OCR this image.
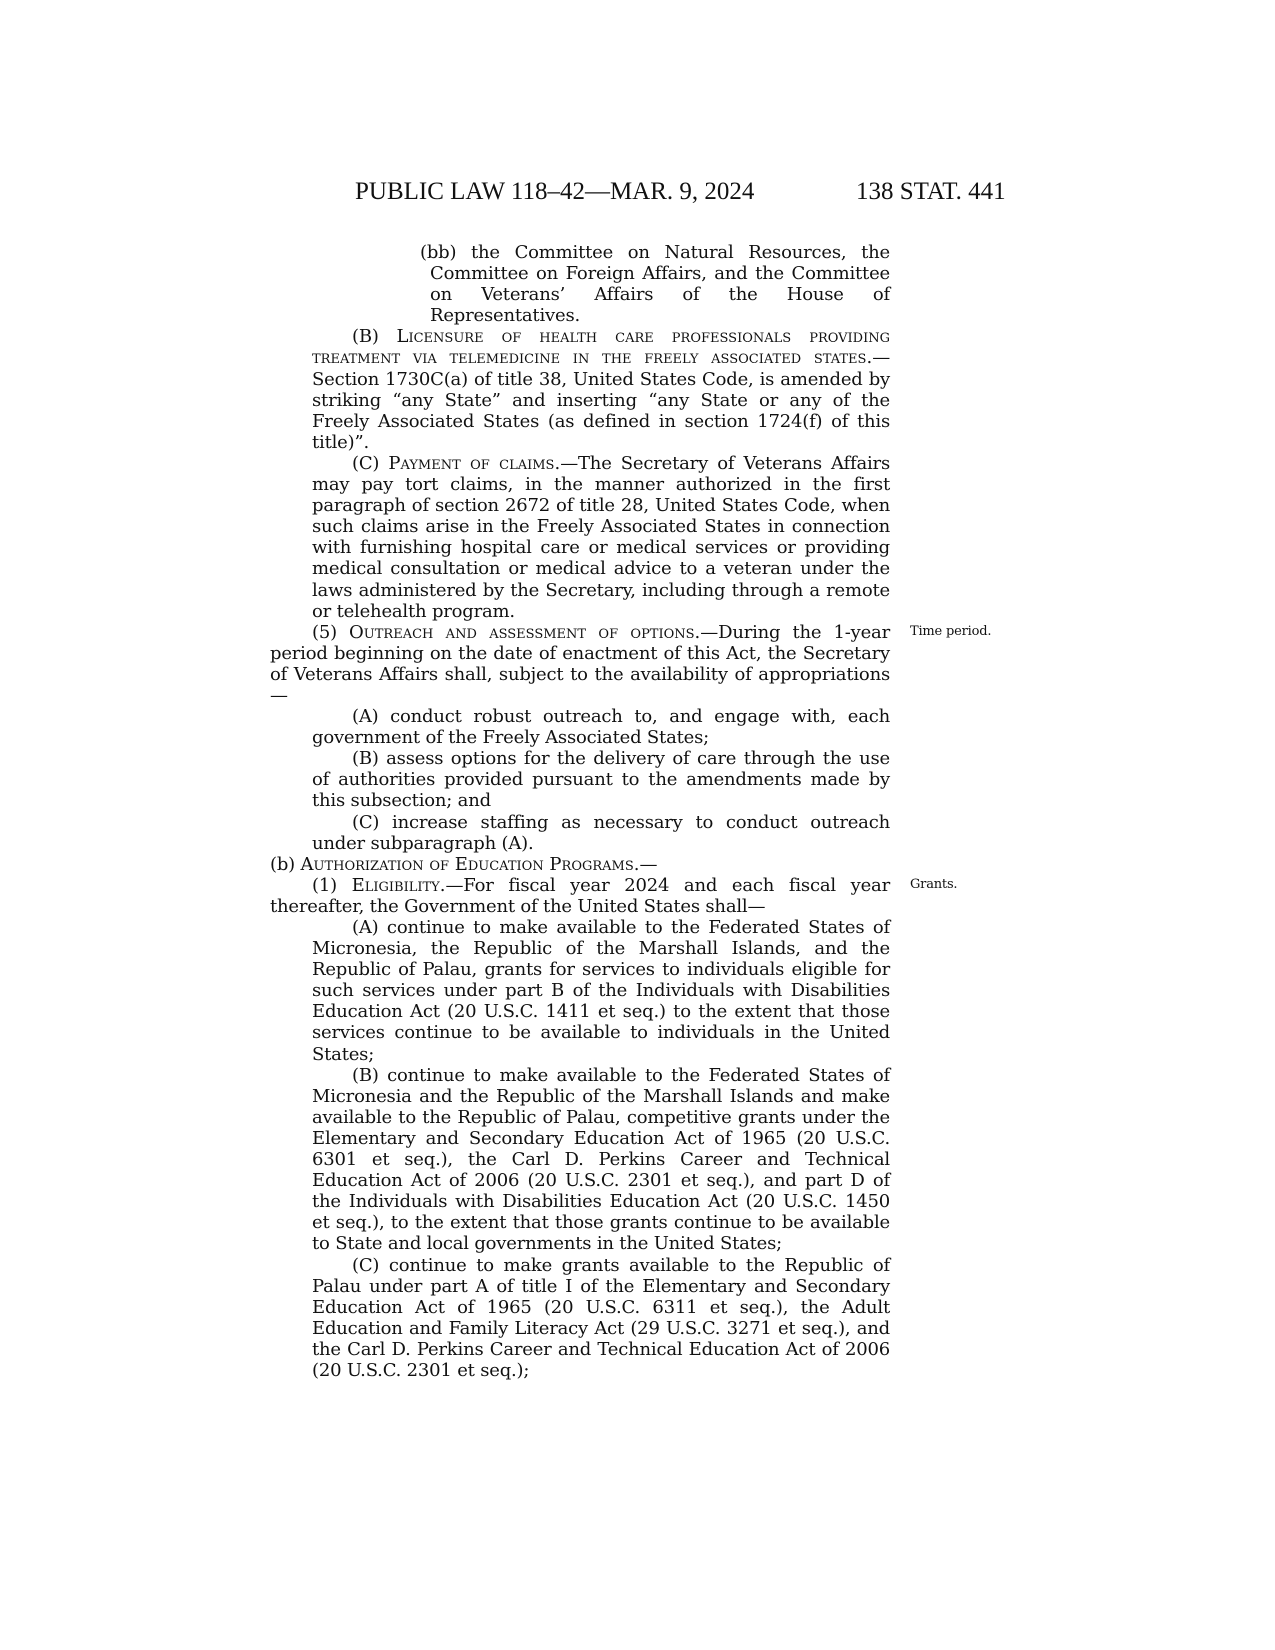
PUBLIC LAW 118–42—MAR. 9, 2024	138 STAT. 441

(bb) the Committee on Natural Resources, the Committee on Foreign Affairs, and the Committee on Veterans’ Affairs of the House of Representatives.

(B) Licensure of health care professionals providing treatment via telemedicine in the freely associated states.—Section 1730C(a) of title 38, United States Code, is amended by striking “any State” and inserting “any State or any of the Freely Associated States (as defined in section 1724(f) of this title)”.

(C) Payment of claims.—The Secretary of Veterans Affairs may pay tort claims, in the manner authorized in the first paragraph of section 2672 of title 28, United States Code, when such claims arise in the Freely Associated States in connection with furnishing hospital care or medical services or providing medical consultation or medical advice to a veteran under the laws administered by the Secretary, including through a remote or telehealth program.

Time period.
(5) Outreach and assessment of options.—During the 1-year period beginning on the date of enactment of this Act, the Secretary of Veterans Affairs shall, subject to the availability of appropriations—

(A) conduct robust outreach to, and engage with, each government of the Freely Associated States;

(B) assess options for the delivery of care through the use of authorities provided pursuant to the amendments made by this subsection; and

(C) increase staffing as necessary to conduct outreach under subparagraph (A).

(b) Authorization of Education Programs.—

Grants.
(1) Eligibility.—For fiscal year 2024 and each fiscal year thereafter, the Government of the United States shall—

(A) continue to make available to the Federated States of Micronesia, the Republic of the Marshall Islands, and the Republic of Palau, grants for services to individuals eligible for such services under part B of the Individuals with Disabilities Education Act (20 U.S.C. 1411 et seq.) to the extent that those services continue to be available to individuals in the United States;

(B) continue to make available to the Federated States of Micronesia and the Republic of the Marshall Islands and make available to the Republic of Palau, competitive grants under the Elementary and Secondary Education Act of 1965 (20 U.S.C. 6301 et seq.), the Carl D. Perkins Career and Technical Education Act of 2006 (20 U.S.C. 2301 et seq.), and part D of the Individuals with Disabilities Education Act (20 U.S.C. 1450 et seq.), to the extent that those grants continue to be available to State and local governments in the United States;

(C) continue to make grants available to the Republic of Palau under part A of title I of the Elementary and Secondary Education Act of 1965 (20 U.S.C. 6311 et seq.), the Adult Education and Family Literacy Act (29 U.S.C. 3271 et seq.), and the Carl D. Perkins Career and Technical Education Act of 2006 (20 U.S.C. 2301 et seq.);
